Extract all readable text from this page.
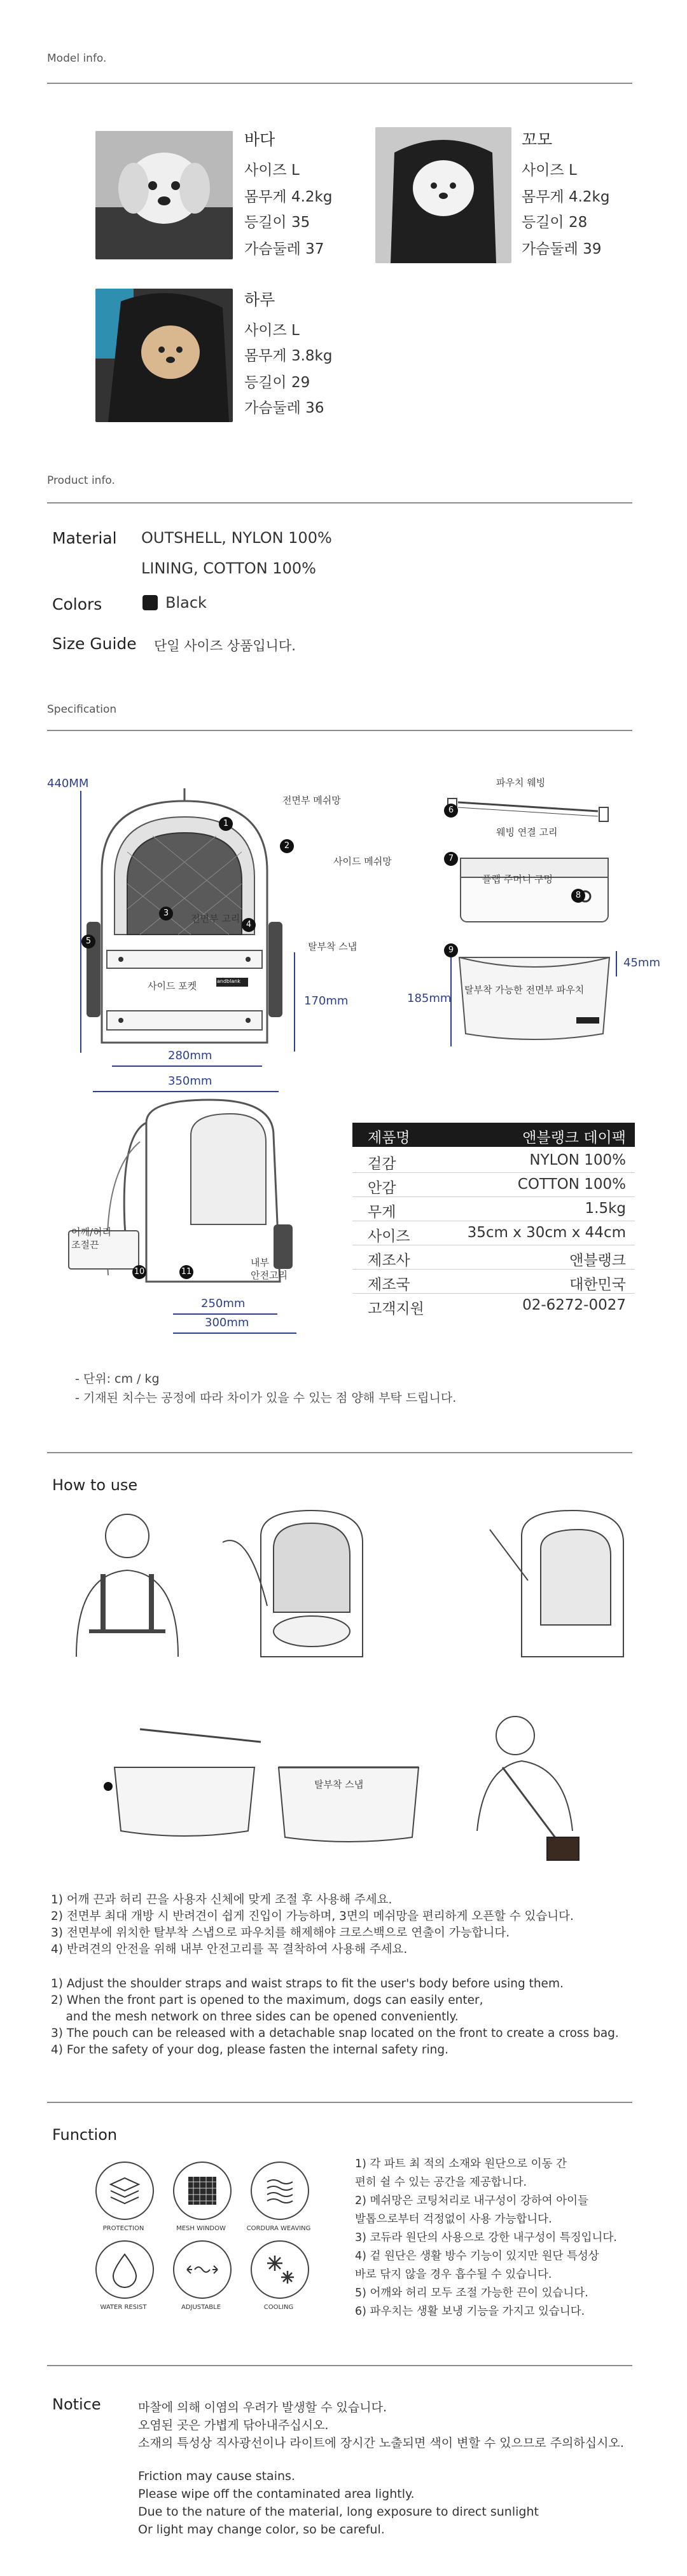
Model info.
바다
사이즈 L
몸무게 4.2kg
등길이 35
가슴둘레 37
꼬모
사이즈 L
몸무게 4.2kg
등길이 28
가슴둘레 39
하루
사이즈 L
몸무게 3.8kg
등길이 29
가슴둘레 36
Product info.
Material OUTSHELL, NYLON 100%
LINING, COTTON 100%
Colors	Black
Size Guide 단일 사이즈 상품입니다.
Specification
andblank
440MM
170mm
280mm
350mm
전면부 메쉬망
사이드 메쉬망
전면부 고리
탈부착 스냅
사이드 포켓
1
2
3
4
5
파우치 웨빙
웨빙 연결 고리
플랩 주머니 구멍
탈부착 가능한 전면부 파우치
185mm
45mm
6
7
8
9
어깨/허리
조절끈
내부
안전고리
10	11
250mm
300mm
제품명	앤블랭크 데이팩
겉감	NYLON 100%
안감	COTTON 100%
무게	1.5kg
사이즈	35cm x 30cm x 44cm
제조사	앤블랭크
제조국	대한민국
고객지원	02-6272-0027
- 단위: cm / kg
- 기재된 치수는 공정에 따라 차이가 있을 수 있는 점 양해 부탁 드립니다.
How to use
탈부착 스냅
1) 어깨 끈과 허리 끈을 사용자 신체에 맞게 조절 후 사용해 주세요.
2) 전면부 최대 개방 시 반려견이 쉽게 진입이 가능하며, 3면의 메쉬망을 편리하게 오픈할 수 있습니다.
3) 전면부에 위치한 탈부착 스냅으로 파우치를 해제해야 크로스백으로 연출이 가능합니다.
4) 반려견의 안전을 위해 내부 안전고리를 꼭 결착하여 사용해 주세요.
1) Adjust the shoulder straps and waist straps to fit the user's body before using them.
2) When the front part is opened to the maximum, dogs can easily enter,
and the mesh network on three sides can be opened conveniently.
3) The pouch can be released with a detachable snap located on the front to create a cross bag.
4) For the safety of your dog, please fasten the internal safety ring.
Function
PROTECTION	MESH WINDOW	CORDURA WEAVING
WATER RESIST	ADJUSTABLE	COOLING
1) 각 파트 최 적의 소재와 원단으로 이동 간
편히 쉴 수 있는 공간을 제공합니다.
2) 메쉬망은 코팅처리로 내구성이 강하여 아이들
발톱으로부터 걱정없이 사용 가능합니다.
3) 코듀라 원단의 사용으로 강한 내구성이 특징입니다.
4) 겉 원단은 생활 방수 기능이 있지만 원단 특성상
바로 닦지 않을 경우 흡수될 수 있습니다.
5) 어깨와 허리 모두 조절 가능한 끈이 있습니다.
6) 파우치는 생활 보냉 기능을 가지고 있습니다.
Notice	마찰에 의해 이염의 우려가 발생할 수 있습니다.
오염된 곳은 가볍게 닦아내주십시오.
소재의 특성상 직사광선이나 라이트에 장시간 노출되면 색이 변할 수 있으므로 주의하십시오.
Friction may cause stains.
Please wipe off the contaminated area lightly.
Due to the nature of the material, long exposure to direct sunlight
Or light may change color, so be careful.
